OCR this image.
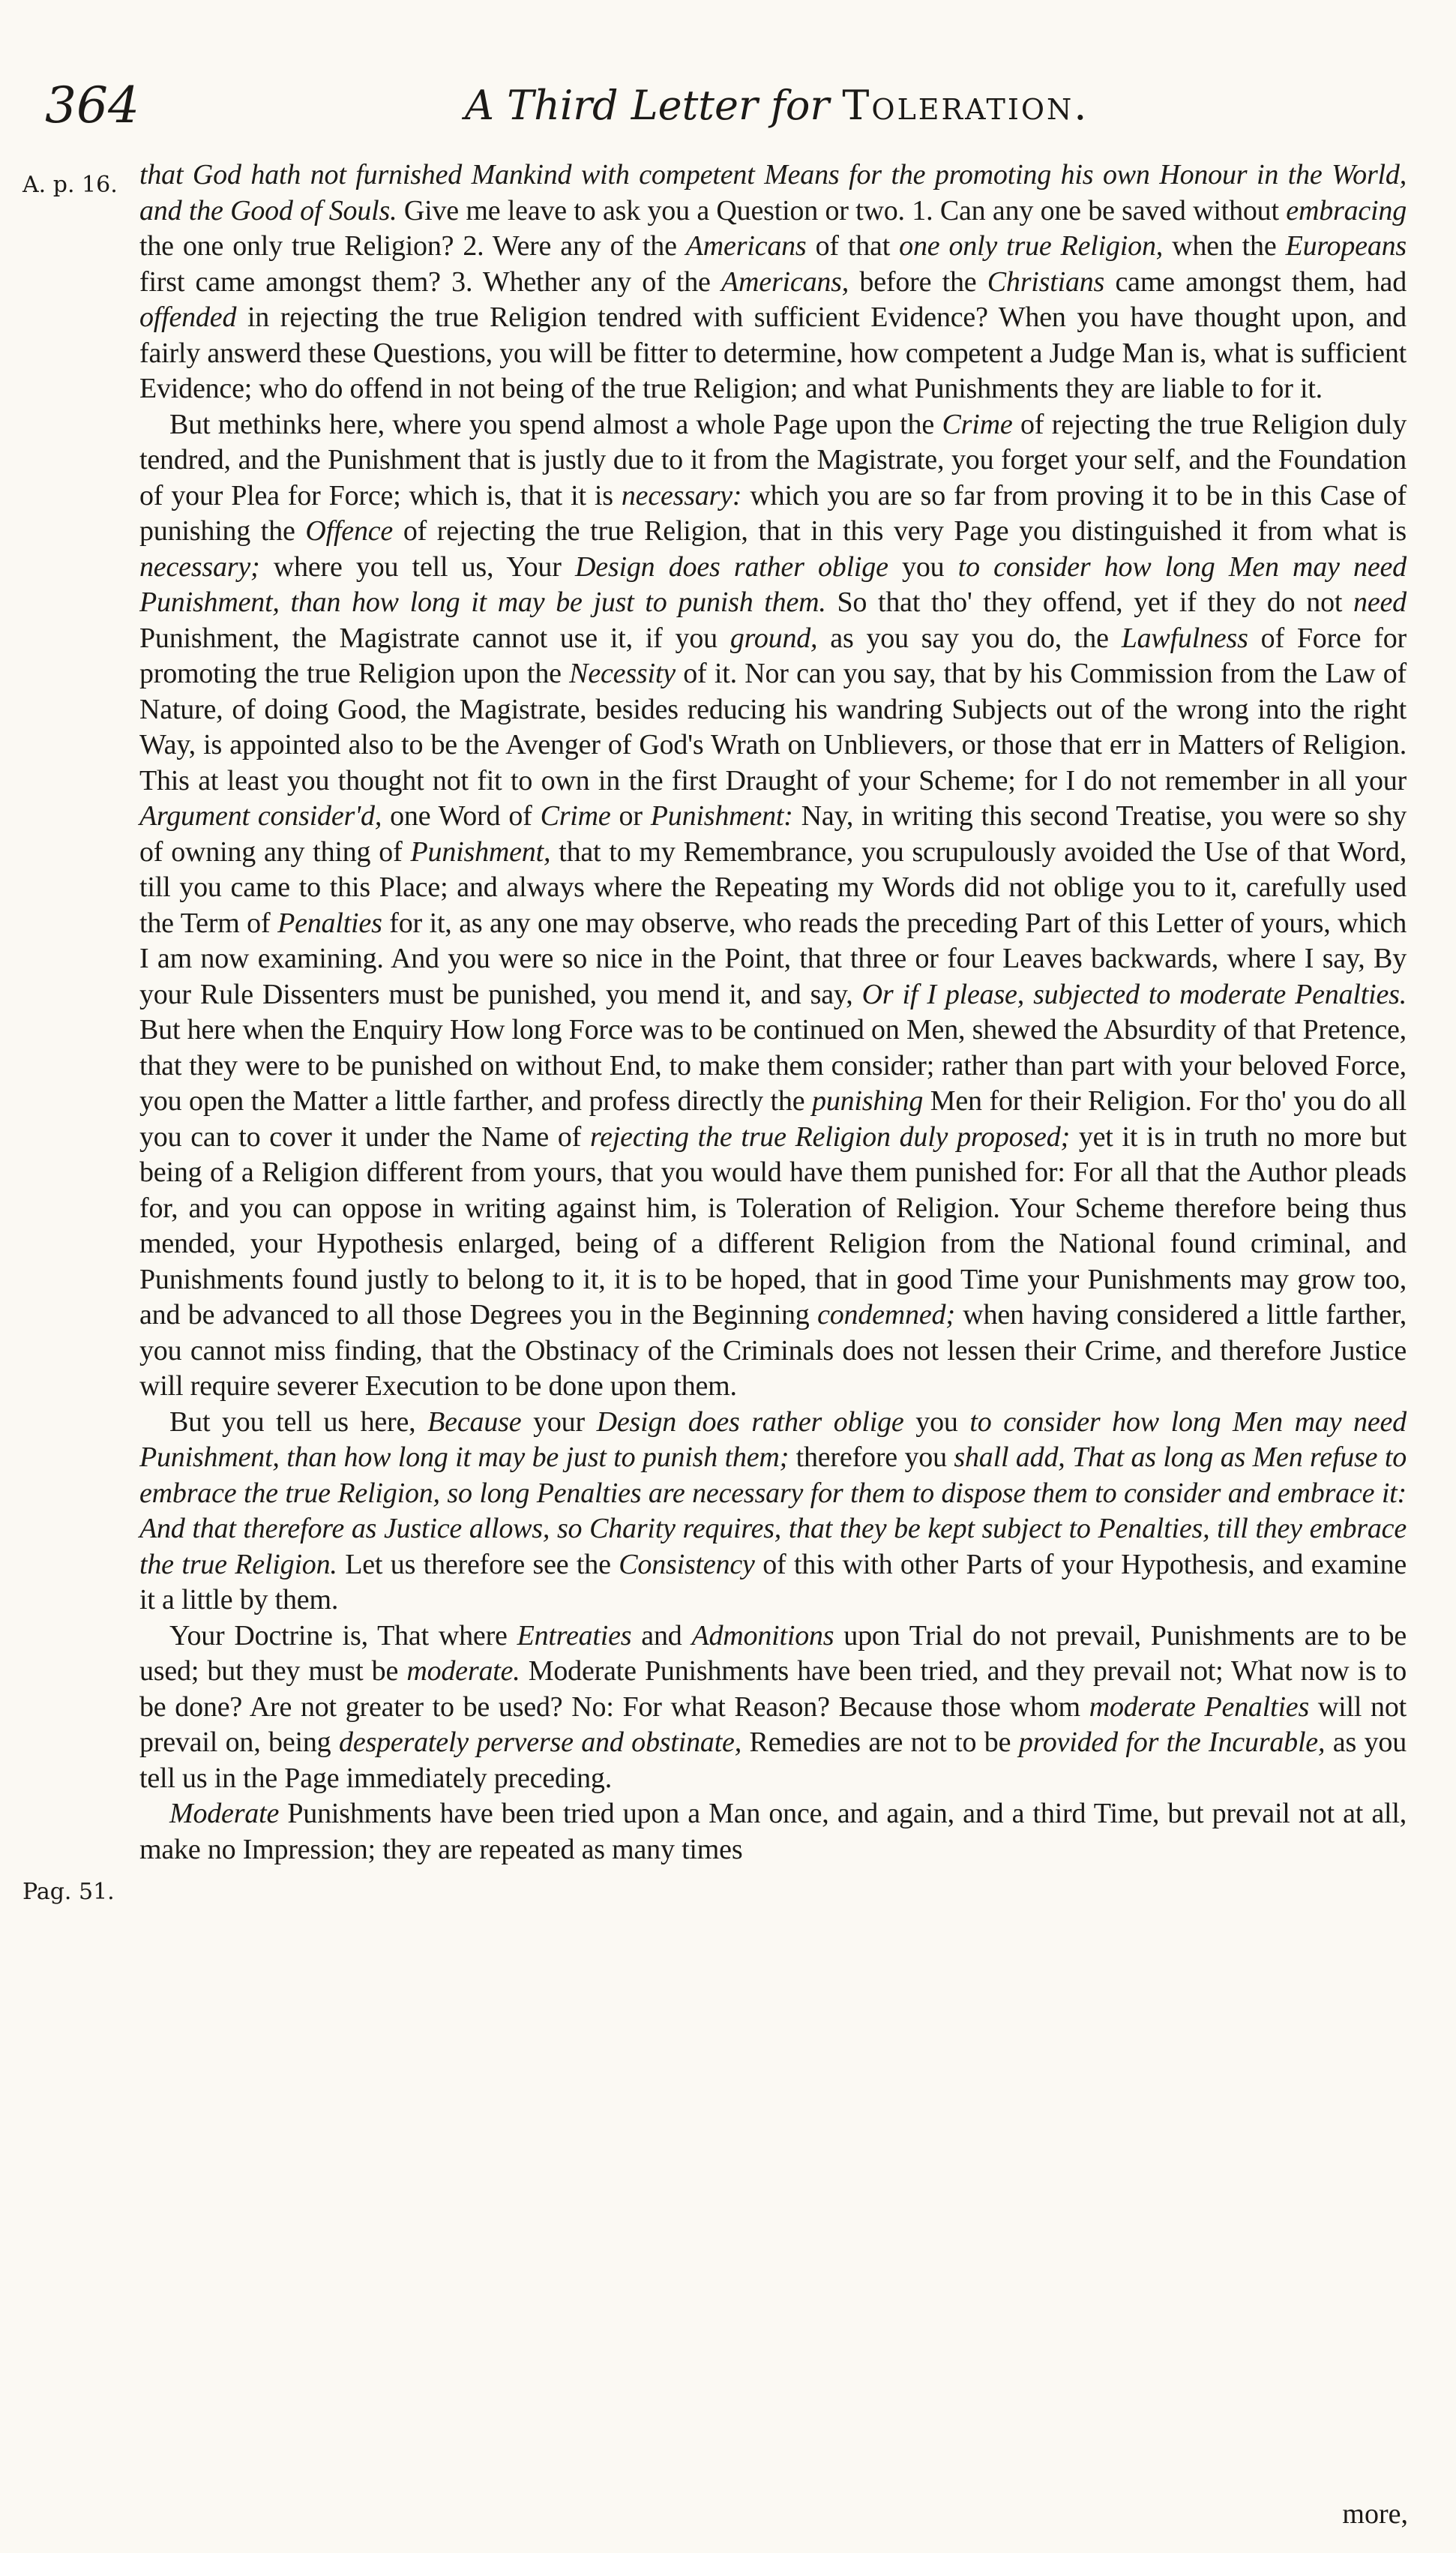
364	A Third Letter for Toleration.
A. p. 16.
Pag. 51.

that God hath not furnished Mankind with competent Means for the promoting his own Honour in the World, and the Good of Souls. Give me leave to ask you a Question or two. 1. Can any one be saved without embracing the one only true Religion? 2. Were any of the Americans of that one only true Religion, when the Europeans first came amongst them? 3. Whether any of the Americans, before the Christians came amongst them, had offended in rejecting the true Religion tendred with sufficient Evidence? When you have thought upon, and fairly answerd these Questions, you will be fitter to determine, how competent a Judge Man is, what is sufficient Evidence; who do offend in not being of the true Religion; and what Punishments they are liable to for it.

But methinks here, where you spend almost a whole Page upon the Crime of rejecting the true Religion duly tendred, and the Punishment that is justly due to it from the Magistrate, you forget your self, and the Foundation of your Plea for Force; which is, that it is necessary: which you are so far from proving it to be in this Case of punishing the Offence of rejecting the true Religion, that in this very Page you distinguished it from what is necessary; where you tell us, Your Design does rather oblige you to consider how long Men may need Punishment, than how long it may be just to punish them. So that tho' they offend, yet if they do not need Punishment, the Magistrate cannot use it, if you ground, as you say you do, the Lawfulness of Force for promoting the true Religion upon the Necessity of it. Nor can you say, that by his Commission from the Law of Nature, of doing Good, the Magistrate, besides reducing his wandring Subjects out of the wrong into the right Way, is appointed also to be the Avenger of God's Wrath on Unblievers, or those that err in Matters of Religion. This at least you thought not fit to own in the first Draught of your Scheme; for I do not remember in all your Argument consider'd, one Word of Crime or Punishment: Nay, in writing this second Treatise, you were so shy of owning any thing of Punishment, that to my Remembrance, you scrupulously avoided the Use of that Word, till you came to this Place; and always where the Repeating my Words did not oblige you to it, carefully used the Term of Penalties for it, as any one may observe, who reads the preceding Part of this Letter of yours, which I am now examining. And you were so nice in the Point, that three or four Leaves backwards, where I say, By your Rule Dissenters must be punished, you mend it, and say, Or if I please, subjected to moderate Penalties. But here when the Enquiry How long Force was to be continued on Men, shewed the Absurdity of that Pretence, that they were to be punished on without End, to make them consider; rather than part with your beloved Force, you open the Matter a little farther, and profess directly the punishing Men for their Religion. For tho' you do all you can to cover it under the Name of rejecting the true Religion duly proposed; yet it is in truth no more but being of a Religion different from yours, that you would have them punished for: For all that the Author pleads for, and you can oppose in writing against him, is Toleration of Religion. Your Scheme therefore being thus mended, your Hypothesis enlarged, being of a different Religion from the National found criminal, and Punishments found justly to belong to it, it is to be hoped, that in good Time your Punishments may grow too, and be advanced to all those Degrees you in the Beginning condemned; when having considered a little farther, you cannot miss finding, that the Obstinacy of the Criminals does not lessen their Crime, and therefore Justice will require severer Execution to be done upon them.

But you tell us here, Because your Design does rather oblige you to consider how long Men may need Punishment, than how long it may be just to punish them; therefore you shall add, That as long as Men refuse to embrace the true Religion, so long Penalties are necessary for them to dispose them to consider and embrace it: And that therefore as Justice allows, so Charity requires, that they be kept subject to Penalties, till they embrace the true Religion. Let us therefore see the Consistency of this with other Parts of your Hypothesis, and examine it a little by them.

Your Doctrine is, That where Entreaties and Admonitions upon Trial do not prevail, Punishments are to be used; but they must be moderate. Moderate Punishments have been tried, and they prevail not; What now is to be done? Are not greater to be used? No: For what Reason? Because those whom moderate Penalties will not prevail on, being desperately perverse and obstinate, Remedies are not to be provided for the Incurable, as you tell us in the Page immediately preceding.

Moderate Punishments have been tried upon a Man once, and again, and a third Time, but prevail not at all, make no Impression; they are repeated as many times

more,
